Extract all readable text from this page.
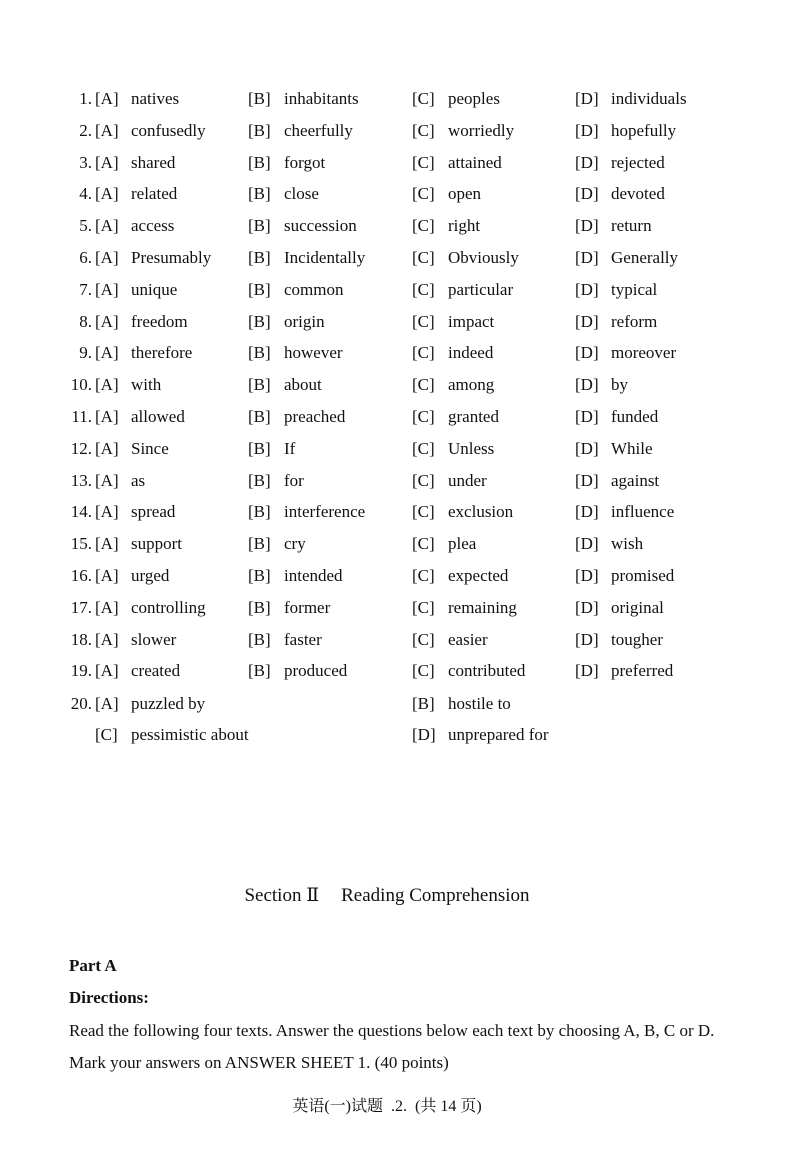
1. [A] natives	[B] inhabitants	[C] peoples	[D] individuals
2. [A] confusedly [B] cheerfully	[C] worriedly	[D] hopefully
3. [A] shared	[B] forgot	[C] attained	[D] rejected
4. [A] related	[B] close	[C] open	[D] devoted
5. [A] access	[B] succession	[C] right	[D] return
6. [A] Presumably [B] Incidentally	[C] Obviously	[D] Generally
7. [A] unique	[B] common	[C] particular	[D] typical
8. [A] freedom	[B] origin	[C] impact	[D] reform
9. [A] therefore	[B] however	[C] indeed	[D] moreover
10. [A] with	[B] about	[C] among	[D] by
11. [A] allowed	[B] preached	[C] granted	[D] funded
12. [A] Since	[B] If	[C] Unless	[D] While
13. [A] as	[B] for	[C] under	[D] against
14. [A] spread	[B] interference	[C] exclusion	[D] influence
15. [A] support	[B] cry	[C] plea	[D] wish
16. [A] urged	[B] intended	[C] expected	[D] promised
17. [A] controlling [B] former	[C] remaining	[D] original
18. [A] slower	[B] faster	[C] easier	[D] tougher
19. [A] created	[B] produced	[C] contributed	[D] preferred
20. [A] puzzled by	[B] hostile to
[C] pessimistic about	[D] unprepared for
Section Ⅱ Reading Comprehension
Part A
Directions:
Read the following four texts. Answer the questions below each text by choosing A, B, C or D. Mark your answers on ANSWER SHEET 1. (40 points)
英语(一)试题  .2.  (共 14 页)
